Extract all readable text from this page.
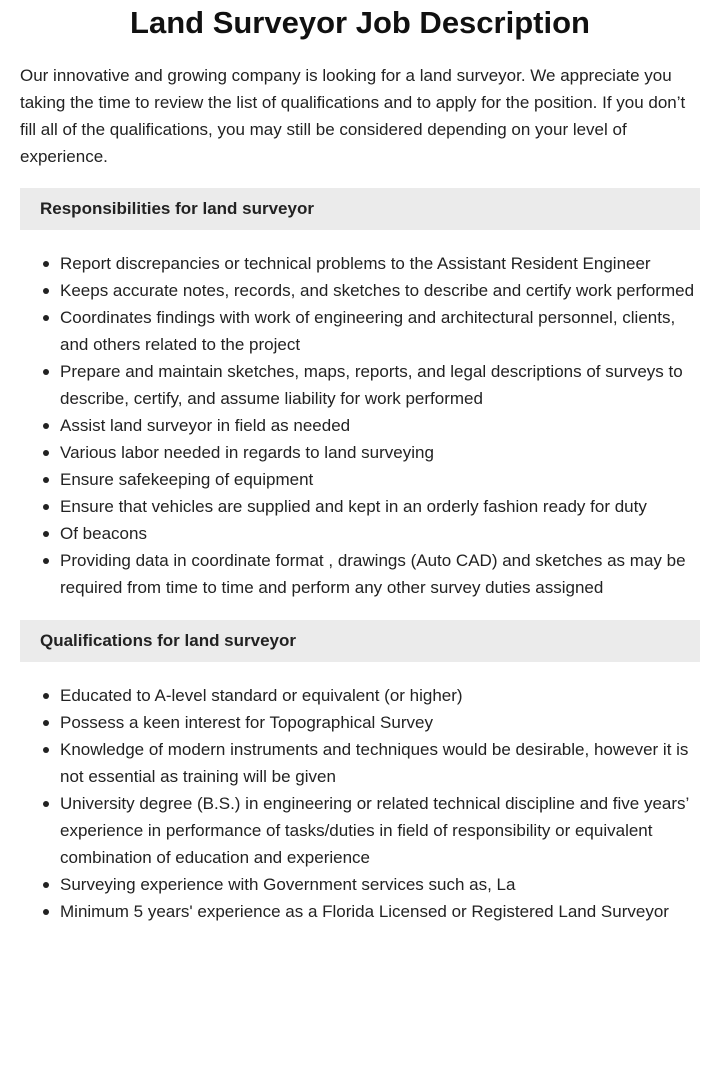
Land Surveyor Job Description

Our innovative and growing company is looking for a land surveyor. We appreciate you taking the time to review the list of qualifications and to apply for the position. If you don’t fill all of the qualifications, you may still be considered depending on your level of experience.

Responsibilities for land surveyor
Report discrepancies or technical problems to the Assistant Resident Engineer
Keeps accurate notes, records, and sketches to describe and certify work performed
Coordinates findings with work of engineering and architectural personnel, clients, and others related to the project
Prepare and maintain sketches, maps, reports, and legal descriptions of surveys to describe, certify, and assume liability for work performed
Assist land surveyor in field as needed
Various labor needed in regards to land surveying
Ensure safekeeping of equipment
Ensure that vehicles are supplied and kept in an orderly fashion ready for duty
Of beacons
Providing data in coordinate format , drawings (Auto CAD) and sketches as may be required from time to time and perform any other survey duties assigned
Qualifications for land surveyor
Educated to A-level standard or equivalent (or higher)
Possess a keen interest for Topographical Survey
Knowledge of modern instruments and techniques would be desirable, however it is not essential as training will be given
University degree (B.S.) in engineering or related technical discipline and five years’ experience in performance of tasks/duties in field of responsibility or equivalent combination of education and experience
Surveying experience with Government services such as, La
Minimum 5 years' experience as a Florida Licensed or Registered Land Surveyor
